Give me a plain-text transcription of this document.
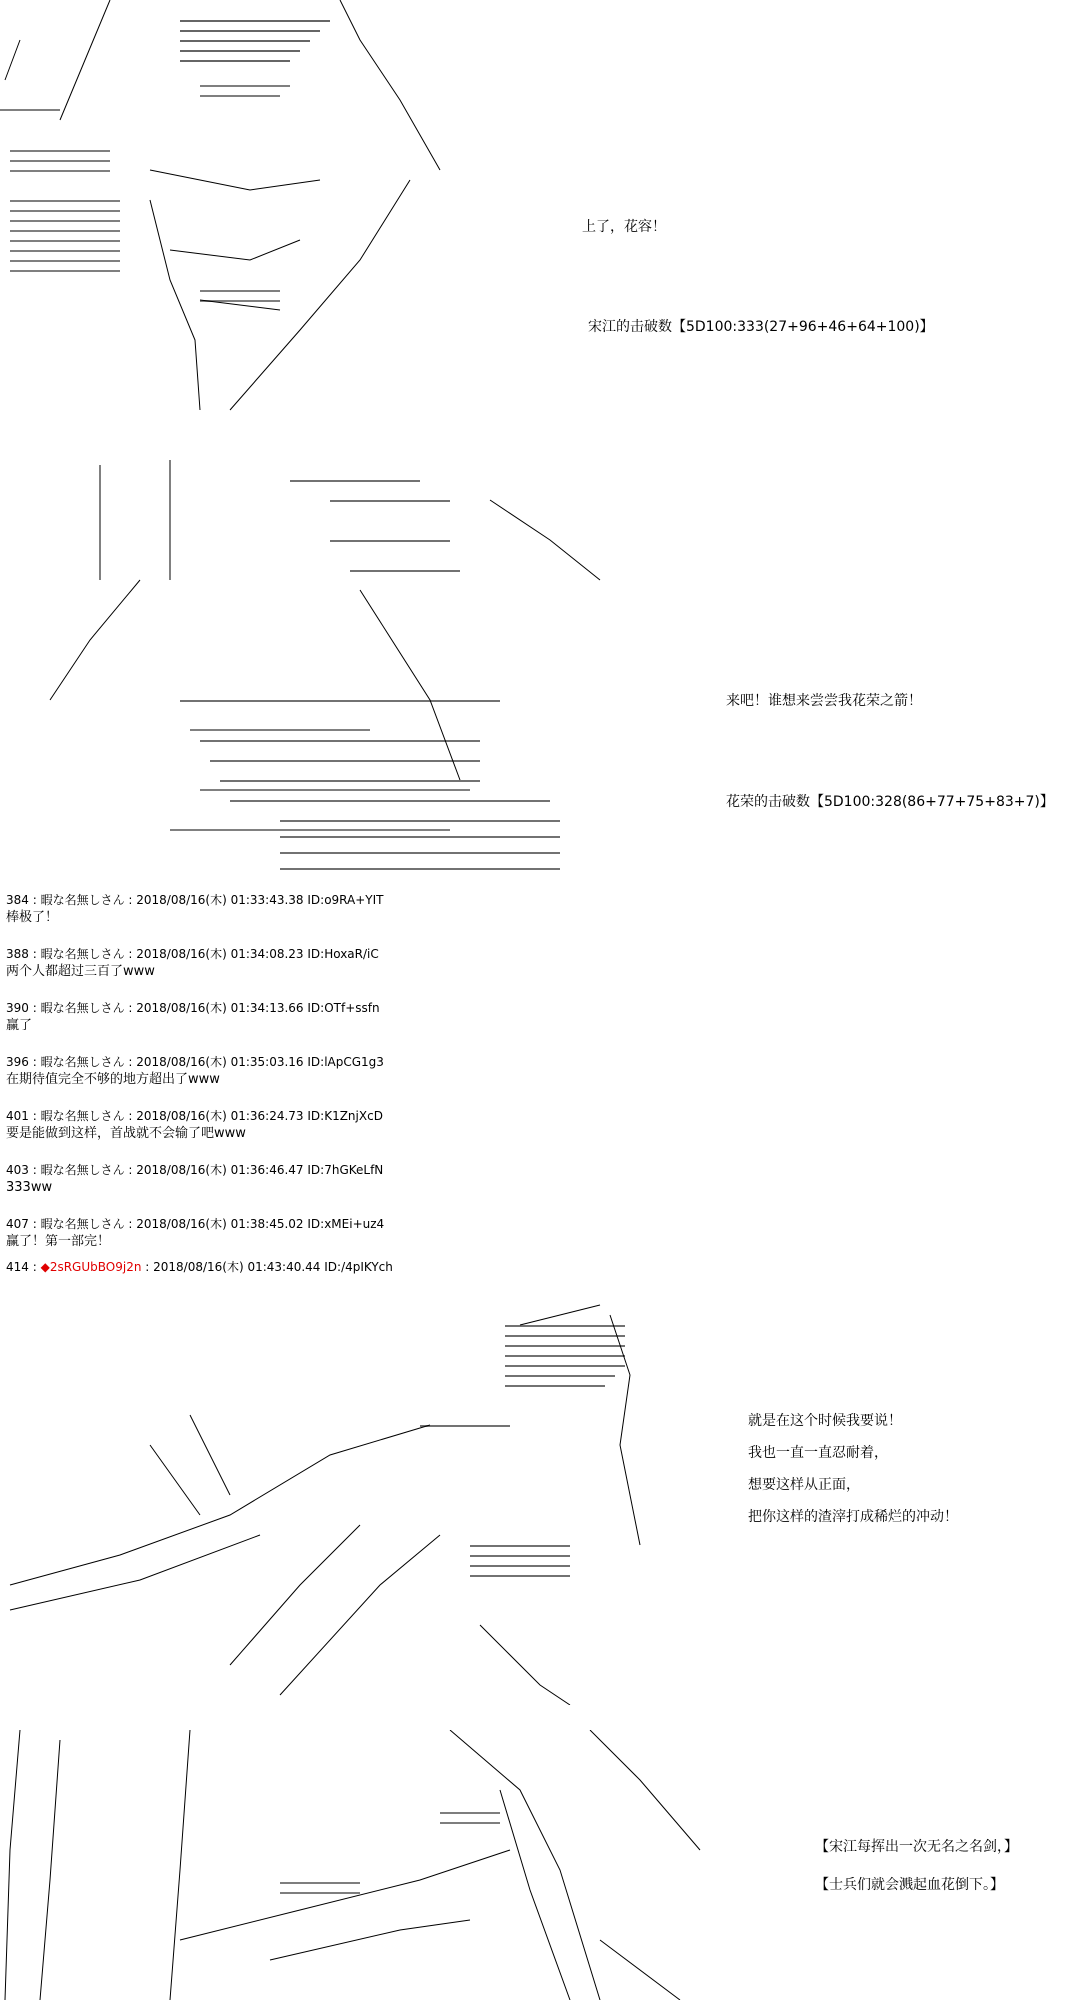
上了，花容！
宋江的击破数【5D100:333(27+96+46+64+100)】
来吧！谁想来尝尝我花荣之箭！
花荣的击破数【5D100:328(86+77+75+83+7)】
384 : 暇な名無しさん : 2018/08/16(木) 01:33:43.38 ID:o9RA+YIT
棒极了！
388 : 暇な名無しさん : 2018/08/16(木) 01:34:08.23 ID:HoxaR/iC
两个人都超过三百了www
390 : 暇な名無しさん : 2018/08/16(木) 01:34:13.66 ID:OTf+ssfn
赢了
396 : 暇な名無しさん : 2018/08/16(木) 01:35:03.16 ID:lApCG1g3
在期待值完全不够的地方超出了www
401 : 暇な名無しさん : 2018/08/16(木) 01:36:24.73 ID:K1ZnjXcD
要是能做到这样，首战就不会输了吧www
403 : 暇な名無しさん : 2018/08/16(木) 01:36:46.47 ID:7hGKeLfN
333ww
407 : 暇な名無しさん : 2018/08/16(木) 01:38:45.02 ID:xMEi+uz4
赢了！第一部完！
414 : ◆2sRGUbBO9j2n : 2018/08/16(木) 01:43:40.44 ID:/4pIKYch
就是在这个时候我要说！
我也一直一直忍耐着，
想要这样从正面，
把你这样的渣滓打成稀烂的冲动！
【宋江每挥出一次无名之名剑，】
【士兵们就会溅起血花倒下。】
